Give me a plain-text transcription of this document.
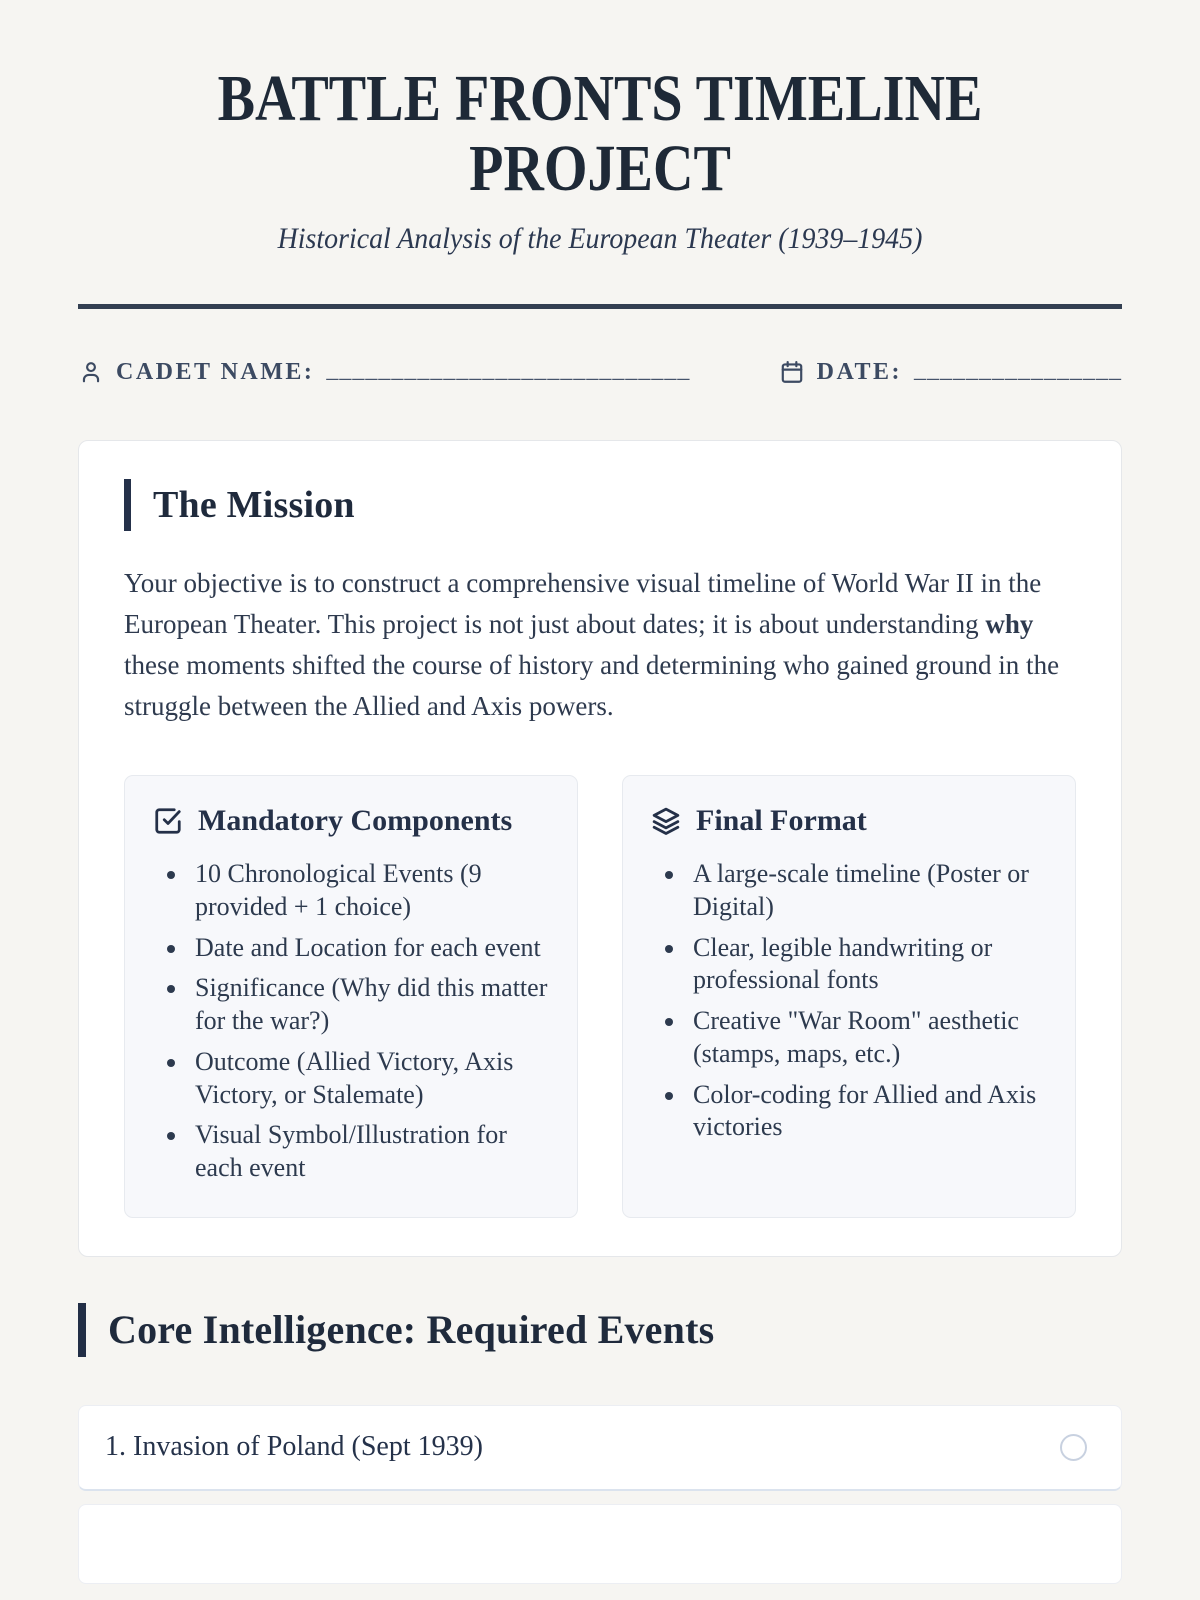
BATTLE FRONTS TIMELINE PROJECT
Historical Analysis of the European Theater (1939–1945)
CADET NAME: ____________________________	DATE: ________________
The Mission

Your objective is to construct a comprehensive visual timeline of World War II in the European Theater. This project is not just about dates; it is about understanding why these moments shifted the course of history and determining who gained ground in the struggle between the Allied and Axis powers.

Mandatory Components
• 10 Chronological Events (9 provided + 1 choice)
• Date and Location for each event
• Significance (Why did this matter for the war?)
• Outcome (Allied Victory, Axis Victory, or Stalemate)
• Visual Symbol/Illustration for each event
Final Format
• A large-scale timeline (Poster or Digital)
• Clear, legible handwriting or professional fonts
• Creative "War Room" aesthetic (stamps, maps, etc.)
• Color-coding for Allied and Axis victories
Core Intelligence: Required Events
1. Invasion of Poland (Sept 1939)
